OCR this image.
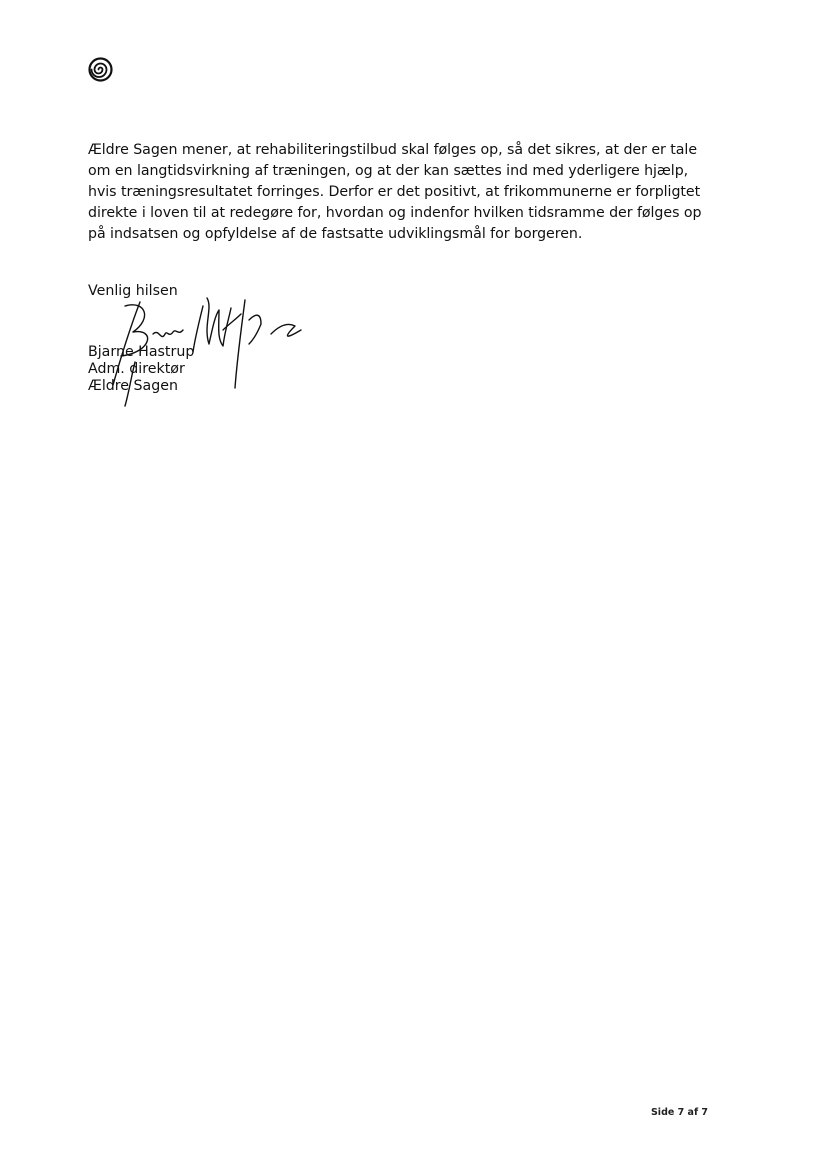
Ældre Sagen mener, at rehabiliteringstilbud skal følges op, så det sikres, at der er tale
om en langtidsvirkning af træningen, og at der kan sættes ind med yderligere hjælp,
hvis træningsresultatet forringes. Derfor er det positivt, at frikommunerne er forpligtet
direkte i loven til at redegøre for, hvordan og indenfor hvilken tidsramme der følges op
på indsatsen og opfyldelse af de fastsatte udviklingsmål for borgeren.

Venlig hilsen

Bjarne Hastrup
Adm. direktør
Ældre Sagen
Side 7 af 7
